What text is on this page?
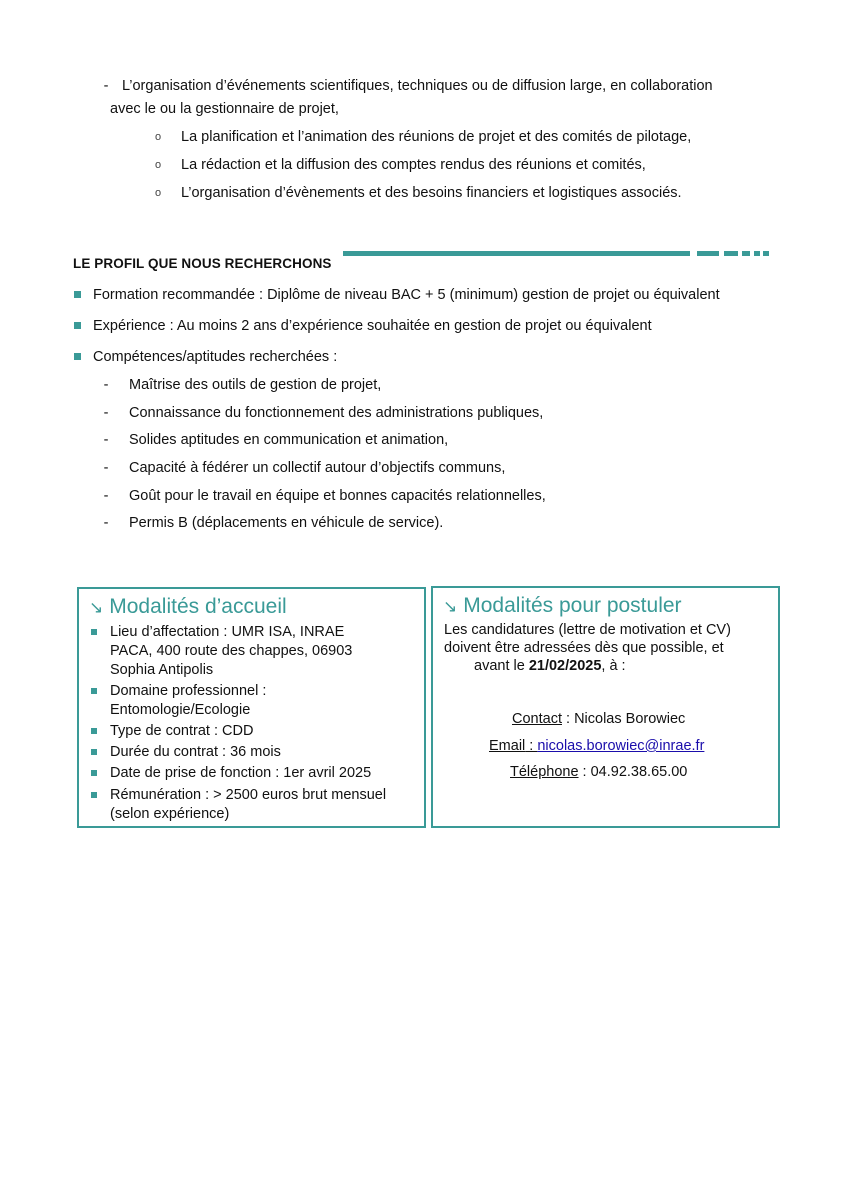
- L’organisation d’événements scientifiques, techniques ou de diffusion large, en collaboration
avec le ou la gestionnaire de projet,
o La planification et l’animation des réunions de projet et des comités de pilotage,
o La rédaction et la diffusion des comptes rendus des réunions et comités,
o L’organisation d’évènements et des besoins financiers et logistiques associés.
LE PROFIL QUE NOUS RECHERCHONS
Formation recommandée : Diplôme de niveau BAC + 5 (minimum) gestion de projet ou équivalent
Expérience : Au moins 2 ans d’expérience souhaitée en gestion de projet ou équivalent
Compétences/aptitudes recherchées :
- Maîtrise des outils de gestion de projet,
- Connaissance du fonctionnement des administrations publiques,
- Solides aptitudes en communication et animation,
- Capacité à fédérer un collectif autour d’objectifs communs,
- Goût pour le travail en équipe et bonnes capacités relationnelles,
- Permis B (déplacements en véhicule de service).
↘ Modalités d’accueil
Lieu d’affectation : UMR ISA, INRAE
PACA, 400 route des chappes, 06903
Sophia Antipolis
Domaine professionnel :
Entomologie/Ecologie
Type de contrat : CDD
Durée du contrat : 36 mois
Date de prise de fonction : 1er avril 2025
Rémunération : > 2500 euros brut mensuel
(selon expérience)
↘ Modalités pour postuler
Les candidatures (lettre de motivation et CV)
doivent être adressées dès que possible, et
avant le 21/02/2025, à :
Contact : Nicolas Borowiec
Email : nicolas.borowiec@inrae.fr
Téléphone : 04.92.38.65.00
